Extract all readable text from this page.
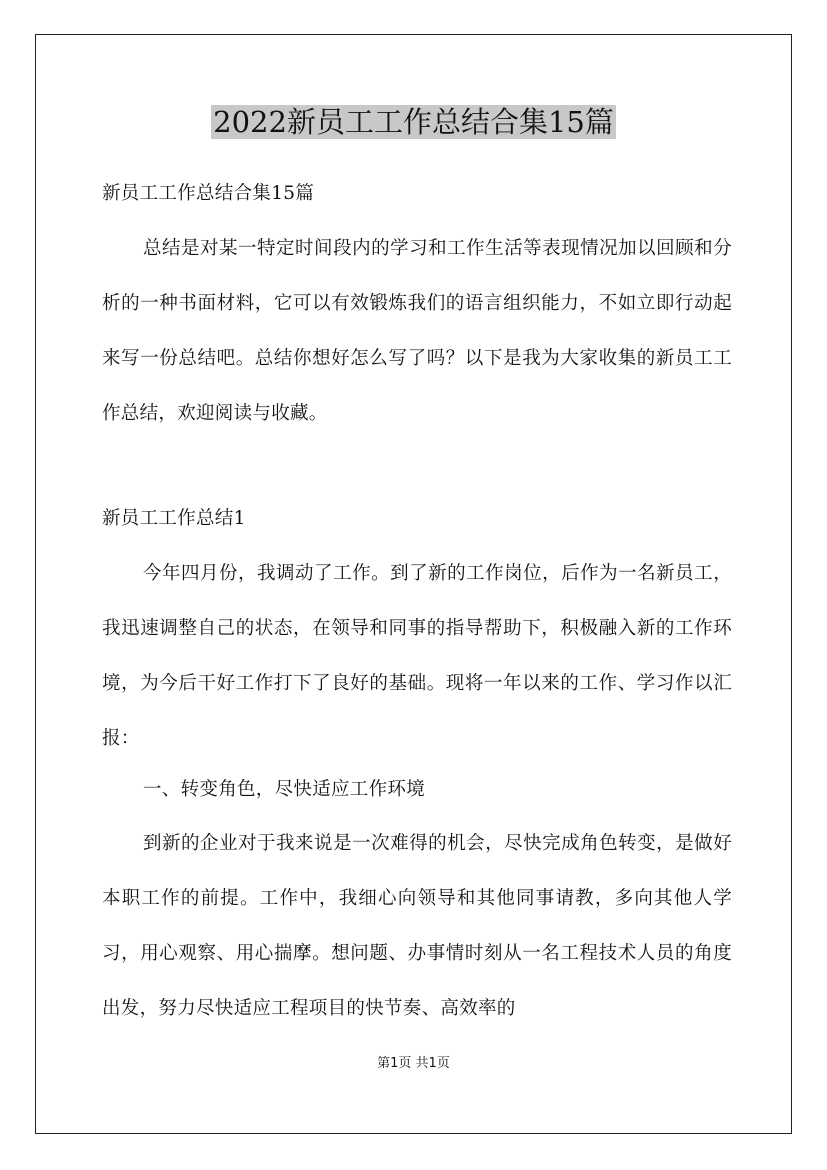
2022新员工工作总结合集15篇

新员工工作总结合集15篇

总结是对某一特定时间段内的学习和工作生活等表现情况加以回顾和分析的一种书面材料，它可以有效锻炼我们的语言组织能力，不如立即行动起来写一份总结吧。总结你想好怎么写了吗？以下是我为大家收集的新员工工作总结，欢迎阅读与收藏。

新员工工作总结1

今年四月份，我调动了工作。到了新的工作岗位，后作为一名新员工，我迅速调整自己的状态，在领导和同事的指导帮助下，积极融入新的工作环境，为今后干好工作打下了良好的基础。现将一年以来的工作、学习作以汇报：

一、转变角色，尽快适应工作环境

到新的企业对于我来说是一次难得的机会，尽快完成角色转变，是做好本职工作的前提。工作中，我细心向领导和其他同事请教，多向其他人学习，用心观察、用心揣摩。想问题、办事情时刻从一名工程技术人员的角度出发，努力尽快适应工程项目的快节奏、高效率的

第1页 共1页
